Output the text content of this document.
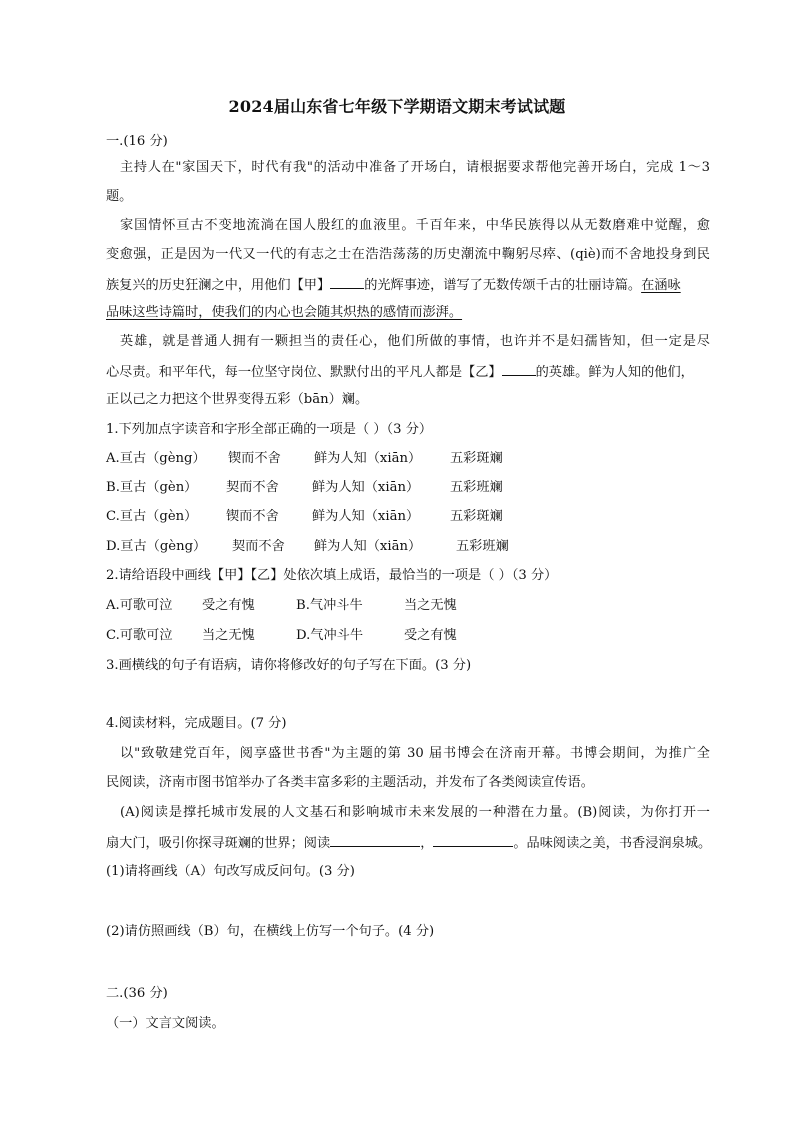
2024届山东省七年级下学期语文期末考试试题
一.(16 分)
主持人在"家国天下，时代有我"的活动中准备了开场白，请根据要求帮他完善开场白，完成 1～3
题。
家国情怀亘古不变地流淌在国人殷红的血液里。千百年来，中华民族得以从无数磨难中觉醒，愈
变愈强，正是因为一代又一代的有志之士在浩浩荡荡的历史潮流中鞠躬尽瘁、(qiè)而不舍地投身到民
族复兴的历史狂澜之中，用他们【甲】	的光辉事迹，谱写了无数传颂千古的壮丽诗篇。在涵咏
品味这些诗篇时，使我们的内心也会随其炽热的感情而澎湃。
英雄，就是普通人拥有一颗担当的责任心，他们所做的事情，也许并不是妇孺皆知，但一定是尽
心尽责。和平年代，每一位坚守岗位、默默付出的平凡人都是【乙】	的英雄。鲜为人知的他们，
正以己之力把这个世界变得五彩（bān）斓。
1.下列加点字读音和字形全部正确的一项是（ ）（3 分）
A.亘古（gèng） 锲而不舍	鲜为人知（xiān） 五彩斑斓
B.亘古（gèn） 契而不舍	鲜为人知（xiān） 五彩班斓
C.亘古（gèn） 锲而不舍	鲜为人知（xiān） 五彩斑斓
D.亘古（gèng） 契而不舍 鲜为人知（xiān）	五彩班斓
2.请给语段中画线【甲】【乙】处依次填上成语，最恰当的一项是（ ）（3 分）
A.可歌可泣 受之有愧	B.气冲斗牛	当之无愧
C.可歌可泣 当之无愧	D.气冲斗牛	受之有愧
3.画横线的句子有语病，请你将修改好的句子写在下面。(3 分)
4.阅读材料，完成题目。(7 分)
以"致敬建党百年，阅享盛世书香"为主题的第 30 届书博会在济南开幕。书博会期间，为推广全
民阅读，济南市图书馆举办了各类丰富多彩的主题活动，并发布了各类阅读宣传语。
(A)阅读是撑托城市发展的人文基石和影响城市未来发展的一种潜在力量。(B)阅读，为你打开一
扇大门，吸引你探寻斑斓的世界；阅读	，	。品味阅读之美，书香浸润泉城。
(1)请将画线（A）句改写成反问句。(3 分)
(2)请仿照画线（B）句，在横线上仿写一个句子。(4 分)
二.(36 分)
（一）文言文阅读。
